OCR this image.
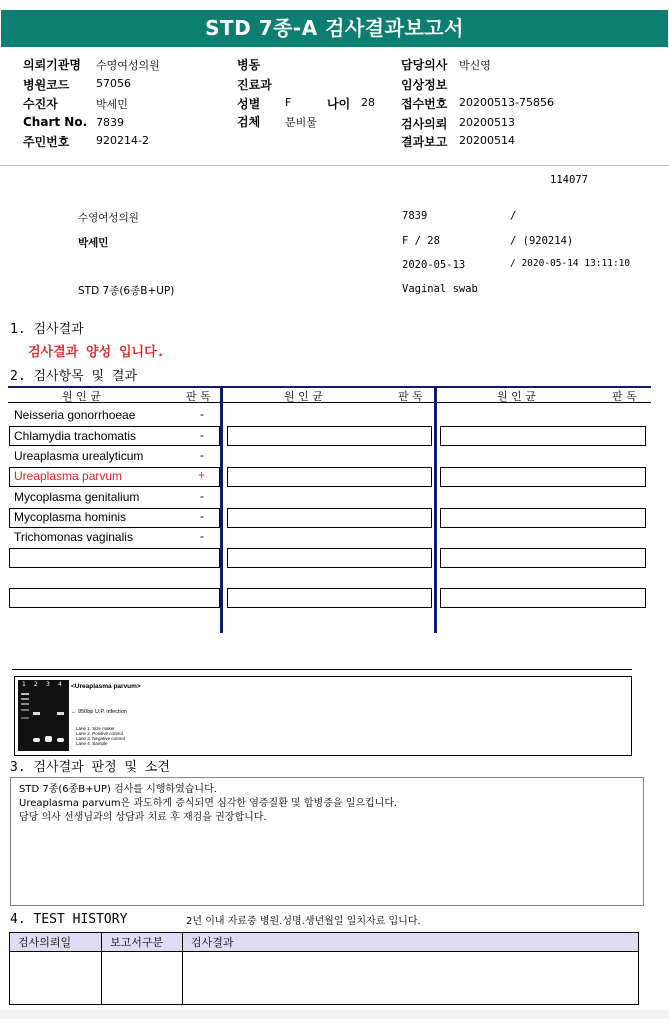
STD 7종-A 검사결과보고서
의뢰기관명 수영여성의원
병원코드 57056
수진자	박세민
Chart No. 7839
주민번호 920214-2
병동
진료과
성별 F	나이 28
검체 분비물
담당의사 박신영
임상정보
접수번호 20200513-75856
검사의뢰 20200513
결과보고 20200514
114077
수영여성의원	7839	/
박세민	F / 28	/ (920214)
2020-05-13	/ 2020-05-14 13:11:10
STD 7종(6종B+UP)	Vaginal swab
1. 검사결과
검사결과 양성 입니다.
2. 검사항목 및 결과
원 인 균	판 독	원 인 균	판 독	원 인 균	판 독
Neisseria gonorrhoeae	-
Chlamydia trachomatis	-
Ureaplasma urealyticum	-
Ureaplasma parvum	+
Mycoplasma genitalium	-
Mycoplasma hominis	-
Trichomonas vaginalis	-
1 2 3 4 <Ureaplasma parvum>
← 950bp U.P. infection
Lane 1. Size maker
Lane 2. Positive control
Lane 3. Negative control
Lane 4. Sample
3. 검사결과 판정 및 소견
STD 7종(6종B+UP) 검사를 시행하였습니다.
Ureaplasma parvum은 과도하게 증식되면 심각한 염증질환 및 합병증을 일으킵니다.
담당 의사 선생님과의 상담과 치료 후 재검을 권장합니다.
4. TEST HISTORY	2년 이내 자료중 병원.성명.생년월일 일치자료 입니다.
검사의뢰일	보고서구분	검사결과
